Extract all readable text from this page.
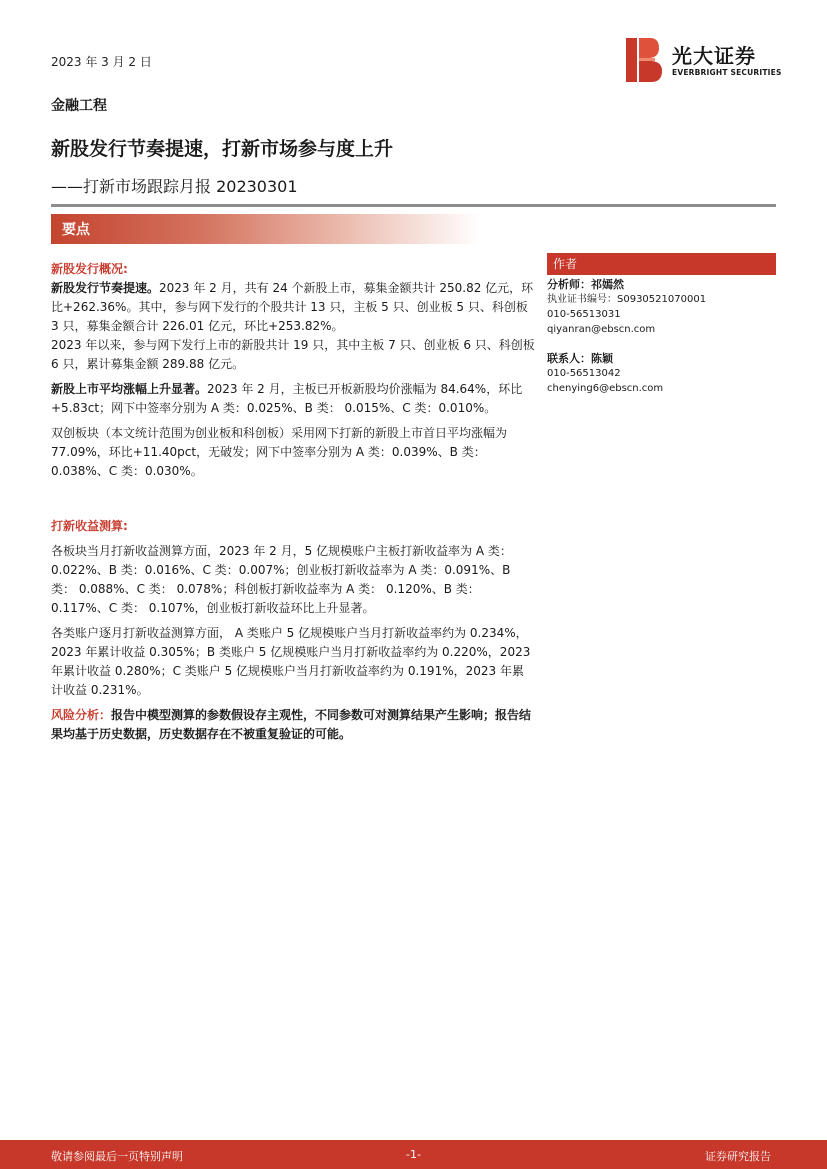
2023 年 3 月 2 日	光大证券
EVERBRIGHT SECURITIES
金融工程
新股发行节奏提速，打新市场参与度上升
——打新市场跟踪月报 20230301
要点

新股发行概况:

新股发行节奏提速。2023 年 2 月，共有 24 个新股上市，募集金额共计 250.82 亿元，环比+262.36%。其中，参与网下发行的个股共计 13 只，主板 5 只、创业板 5 只、科创板 3 只，募集金额合计 226.01 亿元，环比+253.82%。

2023 年以来，参与网下发行上市的新股共计 19 只，其中主板 7 只、创业板 6 只、科创板 6 只，累计募集金额 289.88 亿元。

新股上市平均涨幅上升显著。2023 年 2 月，主板已开板新股均价涨幅为 84.64%，环比+5.83ct；网下中签率分别为 A 类：0.025%、B 类： 0.015%、C 类：0.010%。

双创板块（本文统计范围为创业板和科创板）采用网下打新的新股上市首日平均涨幅为 77.09%，环比+11.40pct，无破发；网下中签率分别为 A 类：0.039%、B 类：0.038%、C 类：0.030%。

打新收益测算:

各板块当月打新收益测算方面，2023 年 2 月，5 亿规模账户主板打新收益率为 A 类：0.022%、B 类：0.016%、C 类：0.007%；创业板打新收益率为 A 类：0.091%、B 类： 0.088%、C 类： 0.078%；科创板打新收益率为 A 类： 0.120%、B 类： 0.117%、C 类： 0.107%，创业板打新收益环比上升显著。

各类账户逐月打新收益测算方面， A 类账户 5 亿规模账户当月打新收益率约为 0.234%，2023 年累计收益 0.305%；B 类账户 5 亿规模账户当月打新收益率约为 0.220%，2023 年累计收益 0.280%；C 类账户 5 亿规模账户当月打新收益率约为 0.191%，2023 年累计收益 0.231%。

风险分析：报告中模型测算的参数假设存主观性，不同参数可对测算结果产生影响；报告结果均基于历史数据，历史数据存在不被重复验证的可能。

作者
分析师：祁嫣然
执业证书编号：S0930521070001
010-56513031
qiyanran@ebscn.com
联系人：陈颖
010-56513042
chenying6@ebscn.com
敬请参阅最后一页特别声明	-1-	证券研究报告
